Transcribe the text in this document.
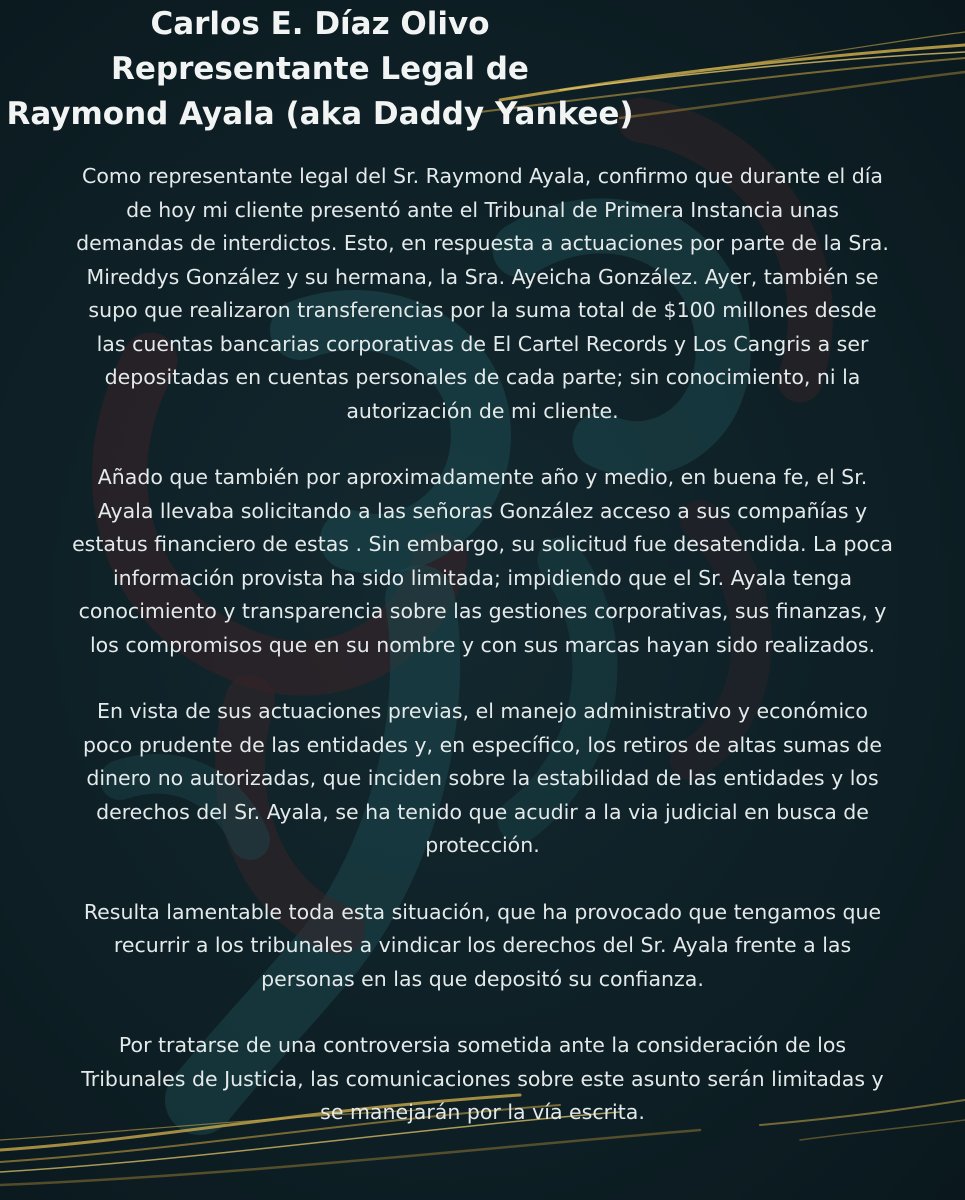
Carlos E. Díaz Olivo
Representante Legal de
Raymond Ayala (aka Daddy Yankee)

Como representante legal del Sr. Raymond Ayala, confirmo que durante el día
de hoy mi cliente presentó ante el Tribunal de Primera Instancia unas
demandas de interdictos. Esto, en respuesta a actuaciones por parte de la Sra.
Mireddys González y su hermana, la Sra. Ayeicha González. Ayer, también se
supo que realizaron transferencias por la suma total de $100 millones desde
las cuentas bancarias corporativas de El Cartel Records y Los Cangris a ser
depositadas en cuentas personales de cada parte; sin conocimiento, ni la
autorización de mi cliente.

Añado que también por aproximadamente año y medio, en buena fe, el Sr.
Ayala llevaba solicitando a las señoras González acceso a sus compañías y
estatus financiero de estas . Sin embargo, su solicitud fue desatendida. La poca
información provista ha sido limitada; impidiendo que el Sr. Ayala tenga
conocimiento y transparencia sobre las gestiones corporativas, sus finanzas, y
los compromisos que en su nombre y con sus marcas hayan sido realizados.

En vista de sus actuaciones previas, el manejo administrativo y económico
poco prudente de las entidades y, en específico, los retiros de altas sumas de
dinero no autorizadas, que inciden sobre la estabilidad de las entidades y los
derechos del Sr. Ayala, se ha tenido que acudir a la via judicial en busca de
protección.

Resulta lamentable toda esta situación, que ha provocado que tengamos que
recurrir a los tribunales a vindicar los derechos del Sr. Ayala frente a las
personas en las que depositó su confianza.

Por tratarse de una controversia sometida ante la consideración de los
Tribunales de Justicia, las comunicaciones sobre este asunto serán limitadas y
se manejarán por la vía escrita.
